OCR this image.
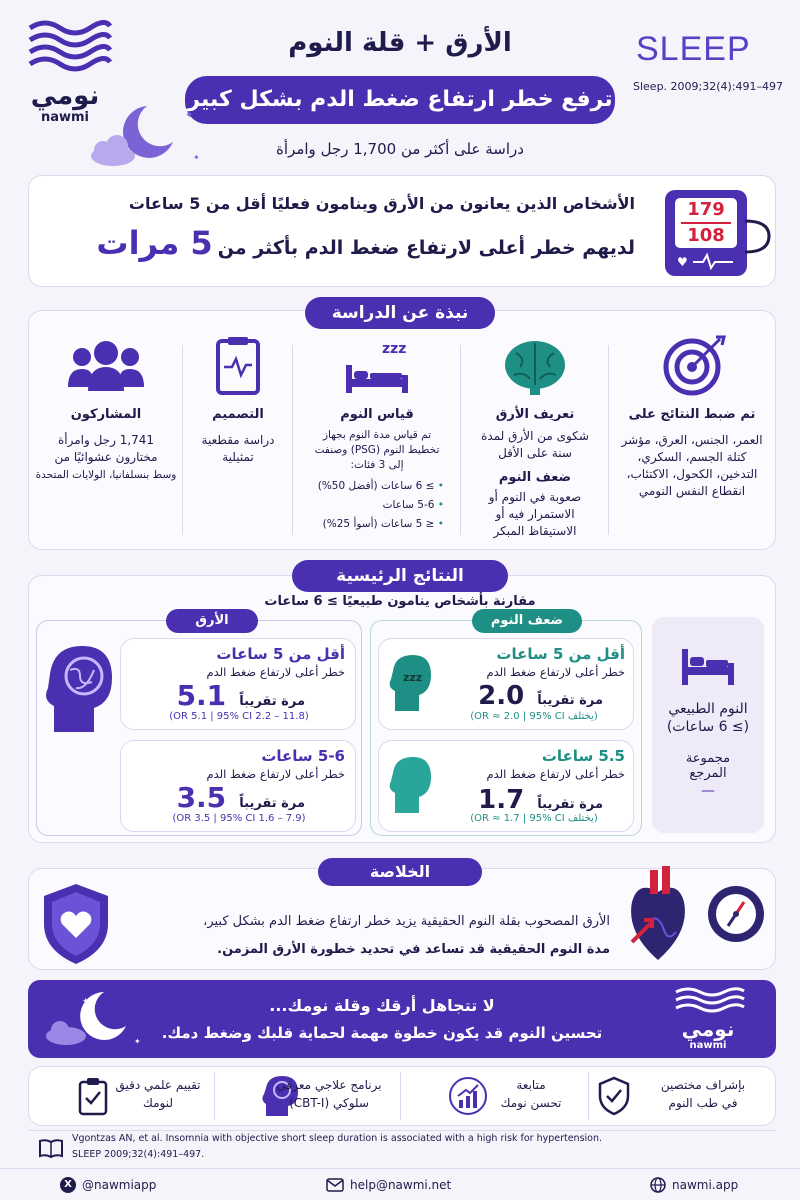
نومي
nawmi
الأرق + قلة النوم
ترفع خطر ارتفاع ضغط الدم بشكل كبير
دراسة على أكثر من 1,700 رجل وامرأة
✦
✦
SLEEP
Sleep. 2009;32(4):491–497
الأشخاص الذين يعانون من الأرق وينامون فعليًا أقل من 5 ساعات
لديهم خطر أعلى لارتفاع ضغط الدم بأكثر من 5 مرات
179
108
♥
نبذة عن الدراسة
تم ضبط النتائج على
العمر، الجنس، العرق، مؤشر كتلة الجسم، السكري، التدخين، الكحول، الاكتئاب، انقطاع النفس النومي
تعريف الأرق
شكوى من الأرق لمدة سنة على الأقل
ضعف النوم
صعوبة في النوم أو الاستمرار فيه أو الاستيقاظ المبكر
zzz
قياس النوم
تم قياس مدة النوم بجهاز تخطيط النوم (PSG) وصنفت إلى 3 فئات:
• ≥ 6 ساعات (أفضل 50%)
• 5-6 ساعات
• ≤ 5 ساعات (أسوأ 25%)
التصميم
دراسة مقطعية تمثيلية
المشاركون
1,741 رجل وامرأة مختارون عشوائيًا من
وسط بنسلفانيا، الولايات المتحدة
النتائج الرئيسية
مقارنة بأشخاص ينامون طبيعيًا ≥ 6 ساعات
النوم الطبيعي
(≥ 6 ساعات)
مجموعة المرجع
—
ضعف النوم
zzz
أقل من 5 ساعات
خطر أعلى لارتفاع ضغط الدم
مرة تقريباً 2.0
(OR ≈ 2.0 | 95% CI يختلف)
5.5 ساعات
خطر أعلى لارتفاع ضغط الدم
مرة تقريباً 1.7
(OR ≈ 1.7 | 95% CI يختلف)
الأرق
أقل من 5 ساعات
خطر أعلى لارتفاع ضغط الدم
مرة تقريباً 5.1
(OR 5.1 | 95% CI 2.2 – 11.8)
5-6 ساعات
خطر أعلى لارتفاع ضغط الدم
مرة تقريباً 3.5
(OR 3.5 | 95% CI 1.6 – 7.9)
الخلاصة
الأرق المصحوب بقلة النوم الحقيقية يزيد خطر ارتفاع ضغط الدم بشكل كبير،
مدة النوم الحقيقية قد تساعد في تحديد خطورة الأرق المزمن.
✦
✦
لا تتجاهل أرقك وقلة نومك...
تحسين النوم قد يكون خطوة مهمة لحماية قلبك وضغط دمك.	نومي
nawmi
بإشراف مختصين
في طب النوم
متابعة
تحسن نومك
برنامج علاجي معرفي
سلوكي (CBT-I)
تقييم علمي دقيق
لنومك
Vgontzas AN, et al. Insomnia with objective short sleep duration is associated with a high risk for hypertension.
SLEEP 2009;32(4):491–497.
X @nawmiapp	help@nawmi.net	nawmi.app
